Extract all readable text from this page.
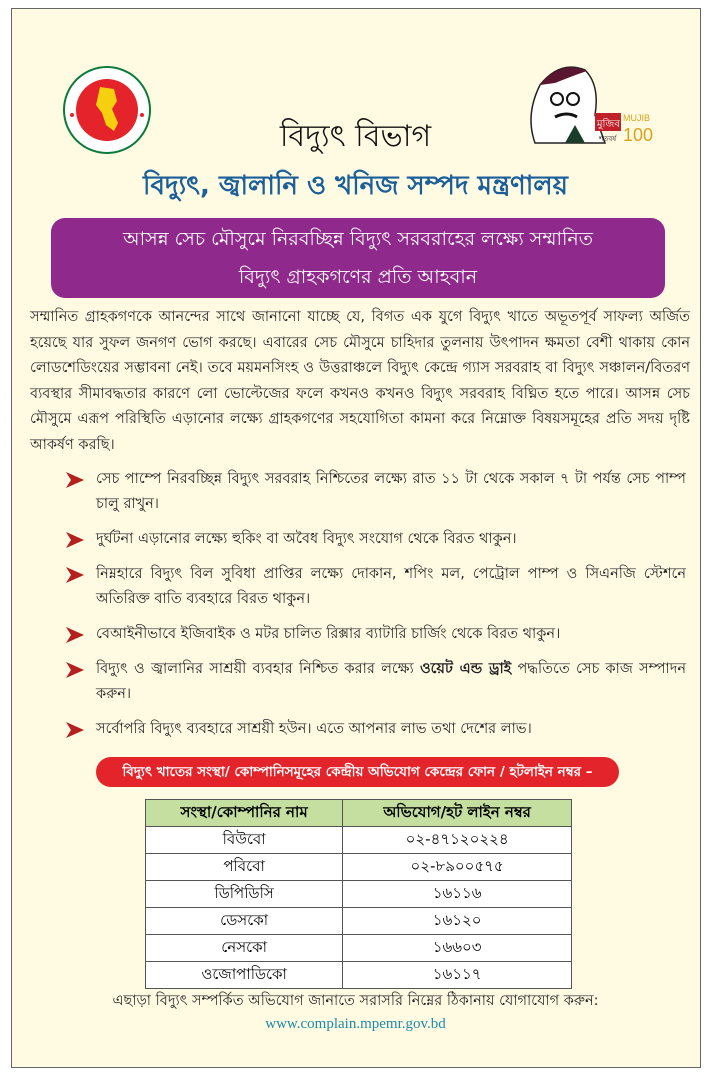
মুজিব
MUJIB
100
শতবর্ষ
বিদ্যুৎ বিভাগ
বিদ্যুৎ, জ্বালানি ও খনিজ সম্পদ মন্ত্রণালয়
আসন্ন সেচ মৌসুমে নিরবচ্ছিন্ন বিদ্যুৎ সরবরাহের লক্ষ্যে সম্মানিত
বিদ্যুৎ গ্রাহকগণের প্রতি আহবান
সম্মানিত গ্রাহকগণকে আনন্দের সাথে জানানো যাচ্ছে যে, বিগত এক যুগে বিদ্যুৎ খাতে অভূতপূর্ব সাফল্য অর্জিত হয়েছে যার সুফল জনগণ ভোগ করছে। এবারের সেচ মৌসুমে চাহিদার তুলনায় উৎপাদন ক্ষমতা বেশী থাকায় কোন লোডশেডিংয়ের সম্ভাবনা নেই। তবে ময়মনসিংহ ও উত্তরাঞ্চলে বিদ্যুৎ কেন্দ্রে গ্যাস সরবরাহ বা বিদ্যুৎ সঞ্চালন/বিতরণ ব্যবস্থার সীমাবদ্ধতার কারণে লো ভোল্টেজের ফলে কখনও কখনও বিদ্যুৎ সরবরাহ বিঘ্নিত হতে পারে। আসন্ন সেচ মৌসুমে এরূপ পরিস্থিতি এড়ানোর লক্ষ্যে গ্রাহকগণের সহযোগিতা কামনা করে নিম্নোক্ত বিষয়সমূহের প্রতি সদয় দৃষ্টি আকর্ষণ করছি।
সেচ পাম্পে নিরবচ্ছিন্ন বিদ্যুৎ সরবরাহ নিশ্চিতের লক্ষ্যে রাত ১১ টা থেকে সকাল ৭ টা পর্যন্ত সেচ পাম্প চালু রাখুন।
দুর্ঘটনা এড়ানোর লক্ষ্যে হুকিং বা অবৈধ বিদ্যুৎ সংযোগ থেকে বিরত থাকুন।
নিম্নহারে বিদ্যুৎ বিল সুবিধা প্রাপ্তির লক্ষ্যে দোকান, শপিং মল, পেট্রোল পাম্প ও সিএনজি স্টেশনে অতিরিক্ত বাতি ব্যবহারে বিরত থাকুন।
বেআইনীভাবে ইজিবাইক ও মটর চালিত রিক্সার ব্যাটারি চার্জিং থেকে বিরত থাকুন।
বিদ্যুৎ ও জ্বালানির সাশ্রয়ী ব্যবহার নিশ্চিত করার লক্ষ্যে ওয়েট এন্ড ড্রাই পদ্ধতিতে সেচ কাজ সম্পাদন করুন।
সর্বোপরি বিদ্যুৎ ব্যবহারে সাশ্রয়ী হউন। এতে আপনার লাভ তথা দেশের লাভ।
বিদ্যুৎ খাতের সংস্থা/ কোম্পানিসমূহের কেন্দ্রীয় অভিযোগ কেন্দ্রের ফোন / হটলাইন নম্বর –
সংস্থা/কোম্পানির নাম	অভিযোগ/হট লাইন নম্বর
বিউবো	০২-৪৭১২০২২৪
পবিবো	০২-৮৯০০৫৭৫
ডিপিডিসি	১৬১১৬
ডেসকো	১৬১২০
নেসকো	১৬৬০৩
ওজোপাডিকো	১৬১১৭
এছাড়া বিদ্যুৎ সম্পর্কিত অভিযোগ জানাতে সরাসরি নিম্নের ঠিকানায় যোগাযোগ করুন:
www.complain.mpemr.gov.bd
